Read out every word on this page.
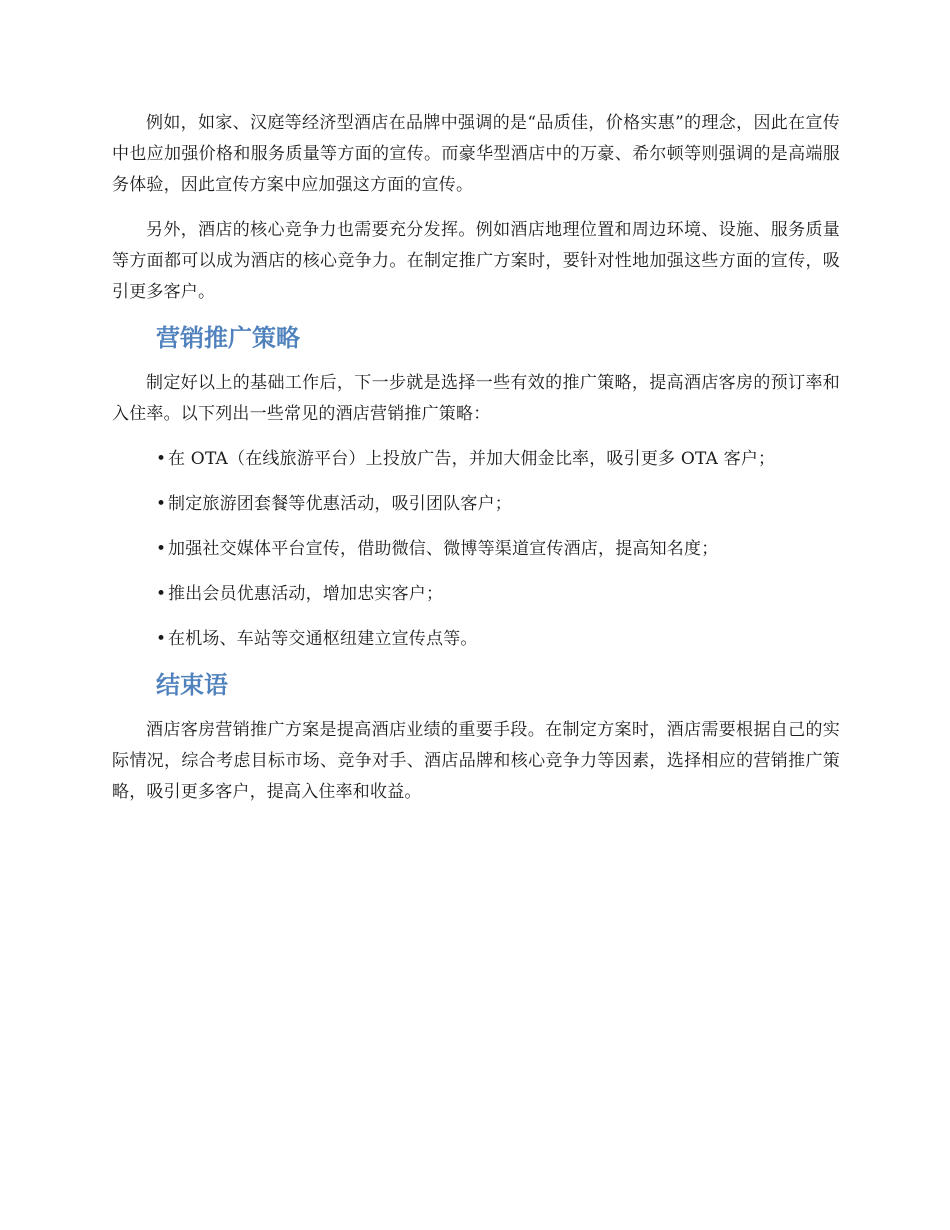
例如，如家、汉庭等经济型酒店在品牌中强调的是“品质佳，价格实惠”的理念，因此在宣传中也应加强价格和服务质量等方面的宣传。而豪华型酒店中的万豪、希尔顿等则强调的是高端服务体验，因此宣传方案中应加强这方面的宣传。

另外，酒店的核心竞争力也需要充分发挥。例如酒店地理位置和周边环境、设施、服务质量等方面都可以成为酒店的核心竞争力。在制定推广方案时，要针对性地加强这些方面的宣传，吸引更多客户。

营销推广策略

制定好以上的基础工作后，下一步就是选择一些有效的推广策略，提高酒店客房的预订率和入住率。以下列出一些常见的酒店营销推广策略：

• 在 OTA（在线旅游平台）上投放广告，并加大佣金比率，吸引更多 OTA 客户；
• 制定旅游团套餐等优惠活动，吸引团队客户；
• 加强社交媒体平台宣传，借助微信、微博等渠道宣传酒店，提高知名度；
• 推出会员优惠活动，增加忠实客户；
• 在机场、车站等交通枢纽建立宣传点等。
结束语

酒店客房营销推广方案是提高酒店业绩的重要手段。在制定方案时，酒店需要根据自己的实际情况，综合考虑目标市场、竞争对手、酒店品牌和核心竞争力等因素，选择相应的营销推广策略，吸引更多客户，提高入住率和收益。
